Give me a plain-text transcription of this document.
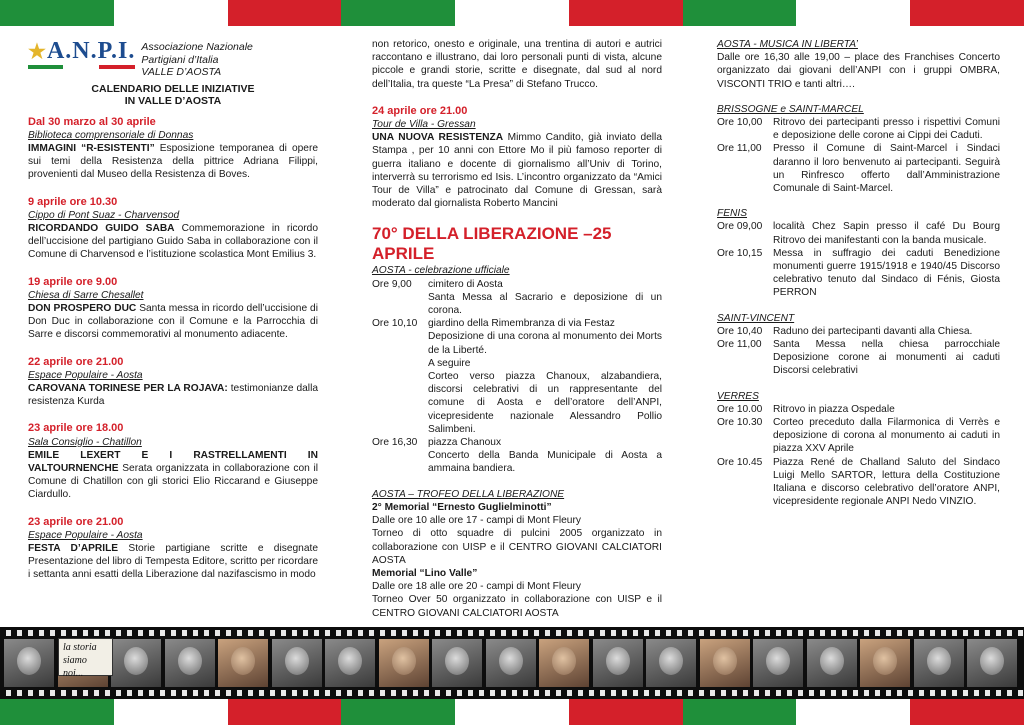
★A.N.P.I. Associazione Nazionale
Partigiani d’Italia
VALLE D’AOSTA
CALENDARIO DELLE INIZIATIVE
IN VALLE D’AOSTA
Dal 30 marzo al 30 aprile
Biblioteca comprensoriale di Donnas

IMMAGINI “R-ESISTENTI” Esposizione temporanea di opere sui temi della Resistenza della pittrice Adriana Filippi, provenienti dal Museo della Resistenza di Boves.

9 aprile ore 10.30
Cippo di Pont Suaz - Charvensod

RICORDANDO GUIDO SABA Commemorazione in ricordo dell’uccisione del partigiano Guido Saba in collaborazione con il Comune di Charvensod e l’istituzione scolastica Mont Emilius 3.

19 aprile ore 9.00
Chiesa di Sarre Chesallet

DON PROSPERO DUC Santa messa in ricordo dell’uccisione di Don Duc in collaborazione con il Comune e la Parrocchia di Sarre e discorsi commemorativi al monumento adiacente.

22 aprile ore 21.00
Espace Populaire - Aosta

CAROVANA TORINESE PER LA ROJAVA: testimonianze dalla resistenza Kurda

23 aprile ore 18.00
Sala Consiglio - Chatillon

EMILE LEXERT E I RASTRELLAMENTI IN VALTOURNENCHE Serata organizzata in collaborazione con il Comune di Chatillon con gli storici Elio Riccarand e Giuseppe Ciardullo.

23 aprile ore 21.00
Espace Populaire - Aosta

FESTA D’APRILE Storie partigiane scritte e disegnate Presentazione del libro di Tempesta Editore, scritto per ricordare i settanta anni esatti della Liberazione dal nazifascismo in modo

non retorico, onesto e originale, una trentina di autori e autrici raccontano e illustrano, dai loro personali punti di vista, alcune piccole e grandi storie, scritte e disegnate, dal sud al nord dell’Italia, tra queste “La Presa” di Stefano Trucco.

24 aprile ore 21.00
Tour de Villa - Gressan

UNA NUOVA RESISTENZA Mimmo Candito, già inviato della Stampa , per 10 anni con Ettore Mo il più famoso reporter di guerra italiano e docente di giornalismo all’Univ di Torino, interverrà su terrorismo ed Isis. L’incontro organizzato da “Amici Tour de Villa” e patrocinato dal Comune di Gressan, sarà moderato dal giornalista Roberto Mancini

70° DELLA LIBERAZIONE –25 APRILE
AOSTA - celebrazione ufficiale
Ore 9,00	cimitero di Aosta
Santa Messa al Sacrario e deposizione di un corona.
Ore 10,10	giardino della Rimembranza di via Festaz
Deposizione di una corona al monumento dei Morts de la Liberté.
A seguire
Corteo verso piazza Chanoux, alzabandiera, discorsi celebrativi di un rappresentante del comune di Aosta e dell’oratore dell’ANPI, vicepresidente nazionale Alessandro Pollio Salimbeni.
Ore 16,30	piazza Chanoux
Concerto della Banda Municipale di Aosta a ammaina bandiera.
AOSTA – TROFEO DELLA LIBERAZIONE
2° Memorial “Ernesto Guglielminotti”

Dalle ore 10 alle ore 17 - campi di Mont Fleury

Torneo di otto squadre di pulcini 2005 organizzato in collaborazione con UISP e il CENTRO GIOVANI CALCIATORI AOSTA

Memorial “Lino Valle”

Dalle ore 18 alle ore 20 - campi di Mont Fleury

Torneo Over 50 organizzato in collaborazione con UISP e il CENTRO GIOVANI CALCIATORI AOSTA

AOSTA - MUSICA IN LIBERTA’
Dalle ore 16,30 alle 19,00 – place des Franchises Concerto organizzato dai giovani dell’ANPI con i gruppi OMBRA, VISCONTI TRIO e tanti altri….
BRISSOGNE e SAINT-MARCEL
Ore 10,00	Ritrovo dei partecipanti presso i rispettivi Comuni e deposizione delle corone ai Cippi dei Caduti.
Ore 11,00	Presso il Comune di Saint-Marcel i Sindaci daranno il loro benvenuto ai partecipanti. Seguirà un Rinfresco offerto dall’Amministrazione Comunale di Saint-Marcel.
FENIS
Ore 09,00	località Chez Sapin presso il café Du Bourg Ritrovo dei manifestanti con la banda musicale.
Ore 10,15	Messa in suffragio dei caduti Benedizione monumenti guerre 1915/1918 e 1940/45 Discorso celebrativo tenuto dal Sindaco di Fénis, Giosta PERRON
SAINT-VINCENT
Ore 10,40	Raduno dei partecipanti davanti alla Chiesa.
Ore 11,00	Santa Messa nella chiesa parrocchiale Deposizione corone ai monumenti ai caduti Discorsi celebrativi
VERRES
Ore 10.00	Ritrovo in piazza Ospedale
Ore 10.30	Corteo preceduto dalla Filarmonica di Verrès e deposizione di corona al monumento ai caduti in piazza XXV Aprile
Ore 10.45	Piazza René de Challand Saluto del Sindaco Luigi Mello SARTOR, lettura della Costituzione Italiana e discorso celebrativo dell’oratore ANPI, vicepresidente regionale ANPI Nedo VINZIO.
la storia siamo noi...
